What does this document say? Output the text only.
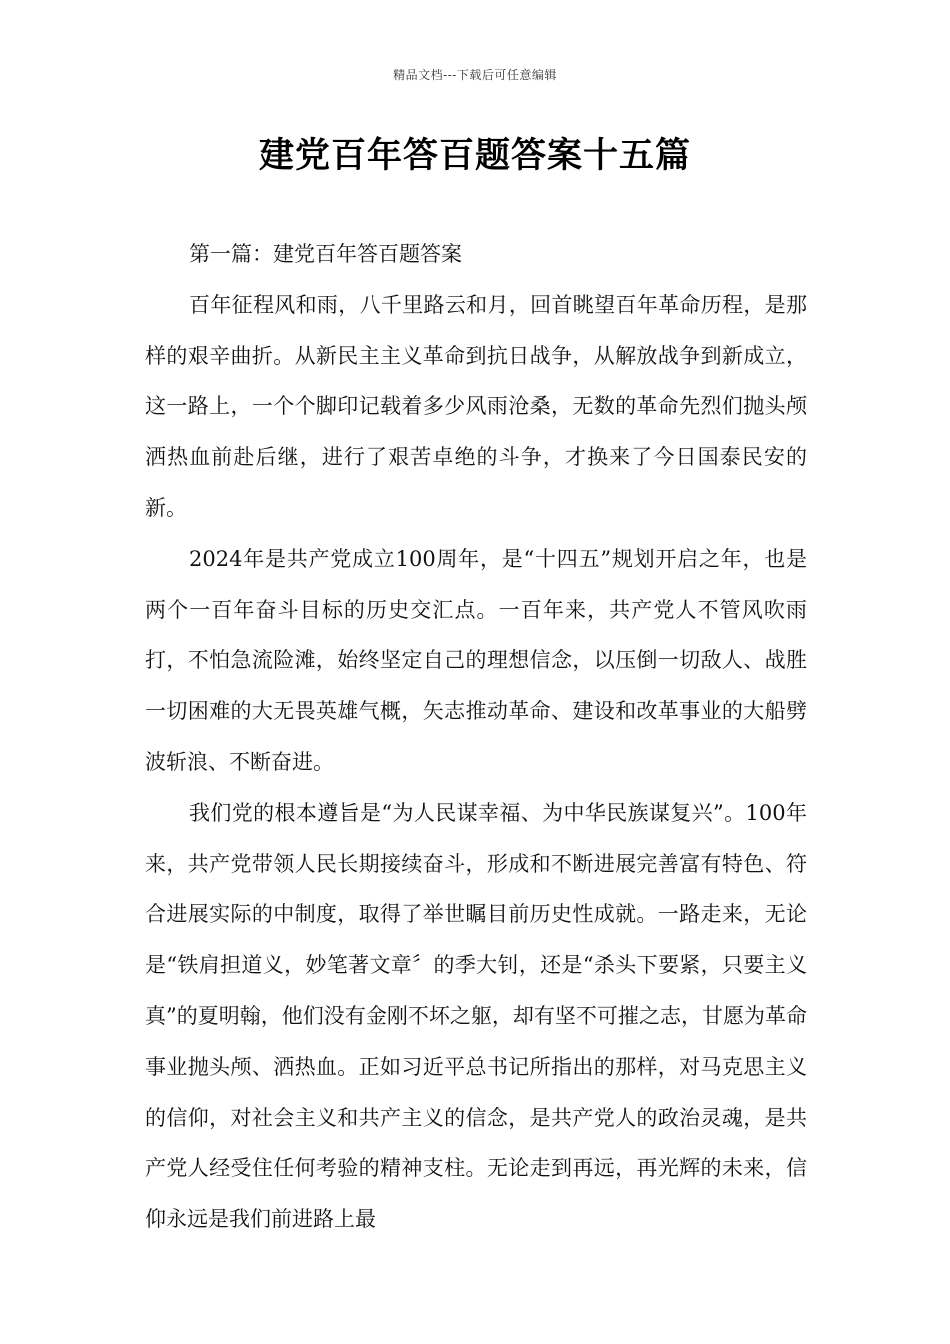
精品文档---下载后可任意编辑
建党百年答百题答案十五篇

第一篇：建党百年答百题答案

百年征程风和雨，八千里路云和月，回首眺望百年革命历程，是那样的艰辛曲折。从新民主主义革命到抗日战争，从解放战争到新成立，这一路上，一个个脚印记载着多少风雨沧桑，无数的革命先烈们抛头颅洒热血前赴后继，进行了艰苦卓绝的斗争，才换来了今日国泰民安的新。

2024年是共产党成立100周年，是“十四五”规划开启之年，也是两个一百年奋斗目标的历史交汇点。一百年来，共产党人不管风吹雨打，不怕急流险滩，始终坚定自己的理想信念，以压倒一切敌人、战胜一切困难的大无畏英雄气概，矢志推动革命、建设和改革事业的大船劈波斩浪、不断奋进。

我们党的根本遵旨是“为人民谋幸福、为中华民族谋复兴”。100年来，共产党带领人民长期接续奋斗，形成和不断进展完善富有特色、符合进展实际的中制度，取得了举世瞩目前历史性成就。一路走来，无论是“铁肩担道义，妙笔著文章〞的季大钊，还是“杀头下要紧，只要主义真”的夏明翰，他们没有金刚不坏之躯，却有坚不可摧之志，甘愿为革命事业抛头颅、洒热血。正如习近平总书记所指出的那样，对马克思主义的信仰，对社会主义和共产主义的信念，是共产党人的政治灵魂，是共产党人经受住任何考验的精神支柱。无论走到再远，再光辉的未来，信仰永远是我们前进路上最
